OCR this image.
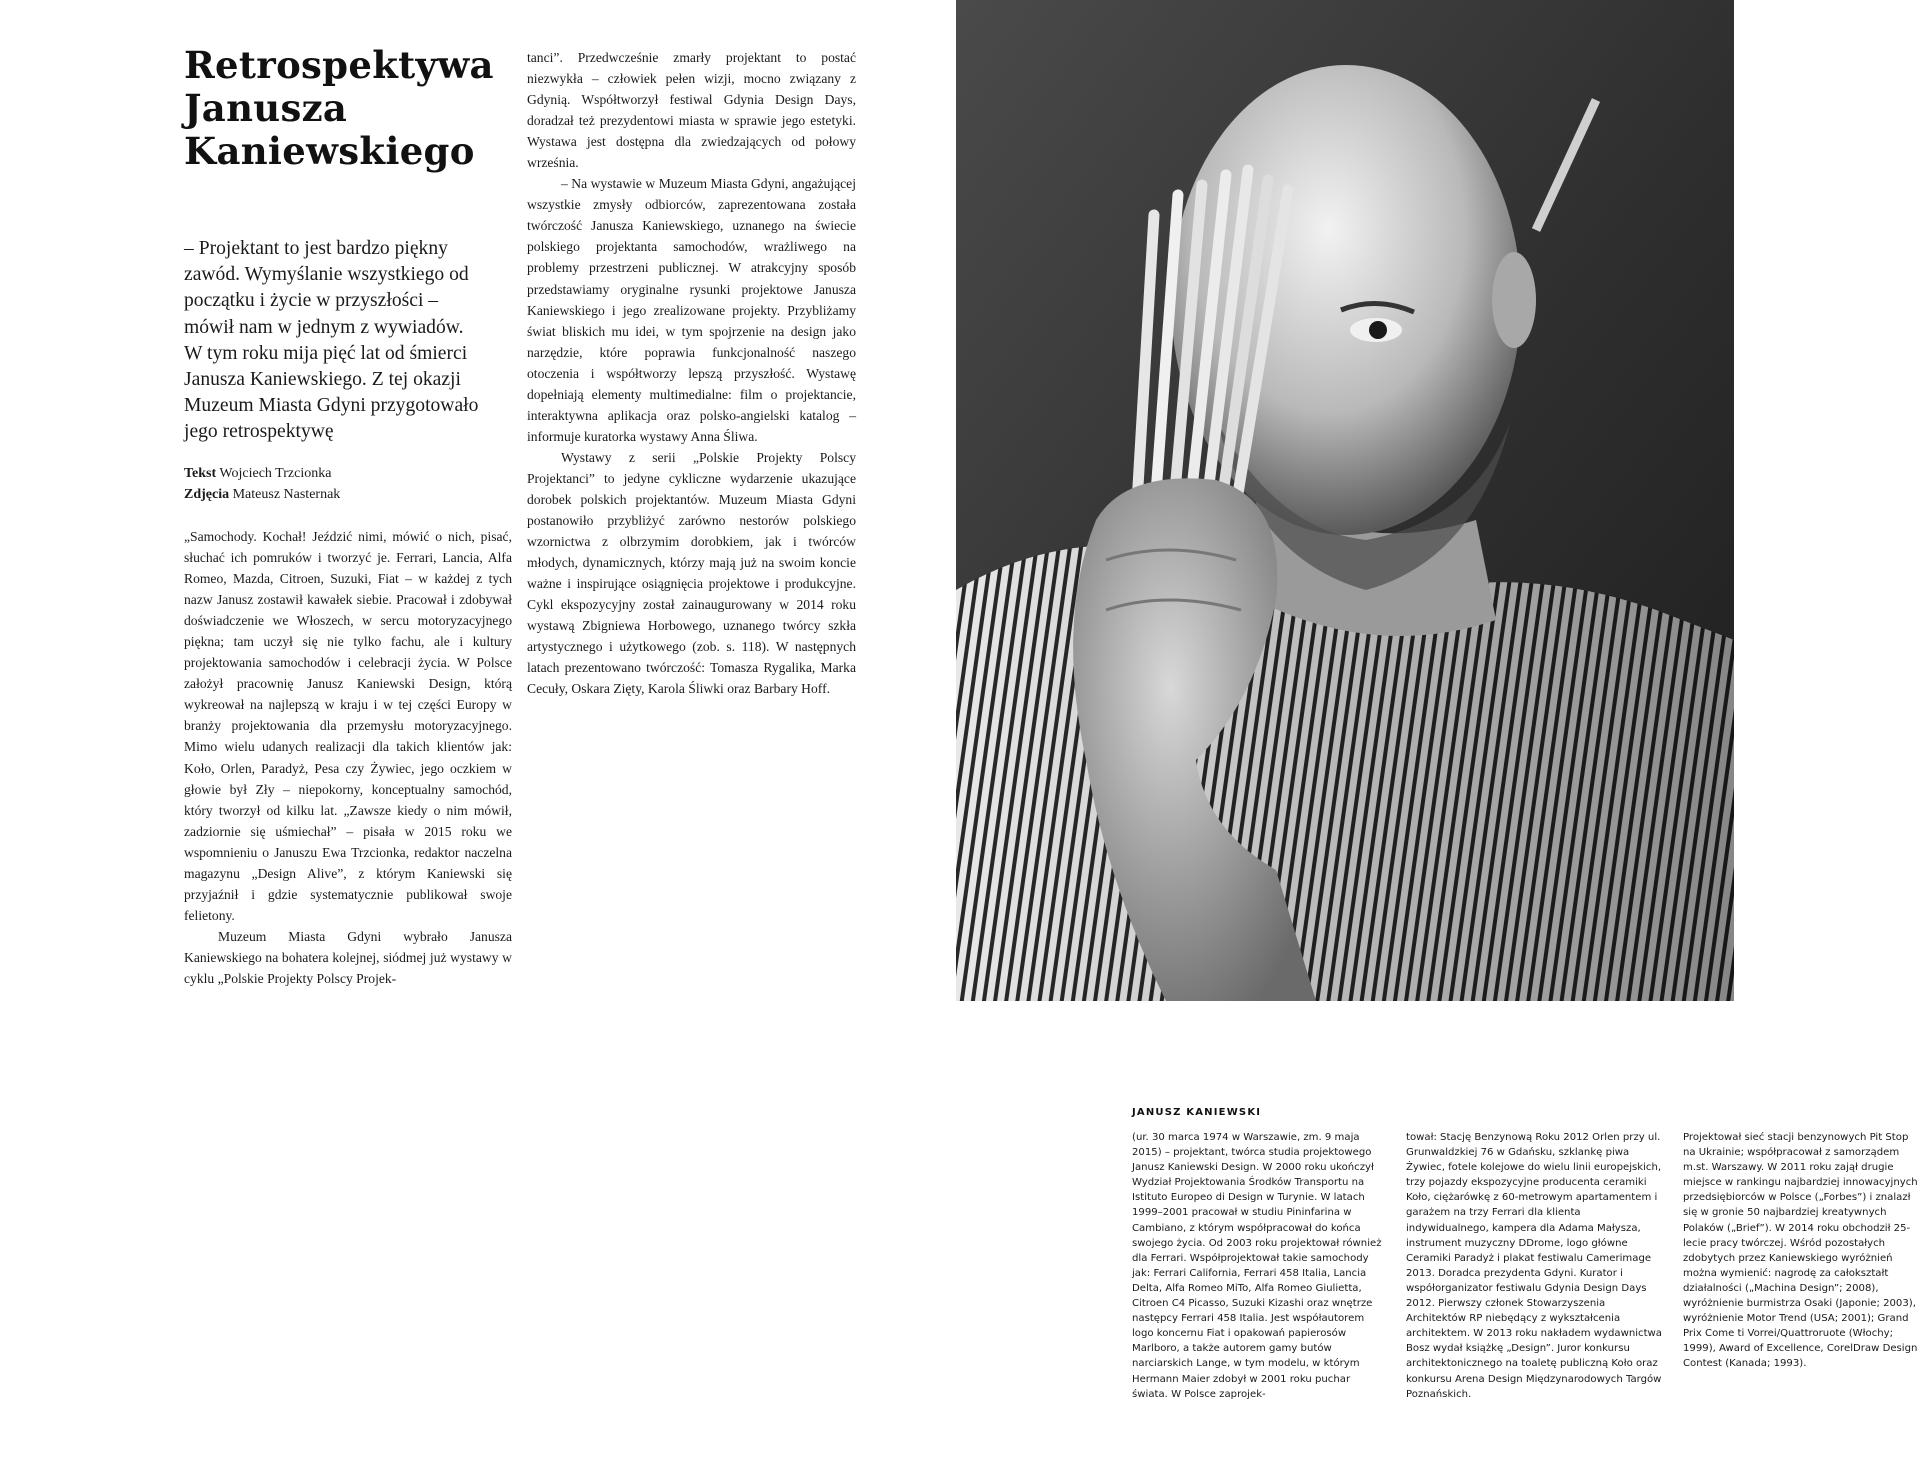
Retrospektywa
Janusza
Kaniewskiego

– Projektant to jest bardzo piękny zawód. Wymyślanie wszystkiego od początku i życie w przyszłości – mówił nam w jednym z wywiadów. W tym roku mija pięć lat od śmierci Janusza Kaniewskiego. Z tej okazji Muzeum Miasta Gdyni przygotowało jego retrospektywę

Tekst Wojciech Trzcionka
Zdjęcia Mateusz Nasternak

„Samochody. Kochał! Jeździć nimi, mówić o nich, pisać, słuchać ich pomruków i tworzyć je. Ferrari, Lancia, Alfa Romeo, Mazda, Citroen, Suzuki, Fiat – w każdej z tych nazw Janusz zostawił kawałek siebie. Pracował i zdobywał doświadczenie we Włoszech, w sercu motoryzacyjnego piękna; tam uczył się nie tylko fachu, ale i kultury projektowania samochodów i celebracji życia. W Polsce założył pracownię Janusz Kaniewski Design, którą wykreował na najlepszą w kraju i w tej części Europy w branży projektowania dla przemysłu motoryzacyjnego. Mimo wielu udanych realizacji dla takich klientów jak: Koło, Orlen, Paradyż, Pesa czy Żywiec, jego oczkiem w głowie był Zły – niepokorny, konceptualny samochód, który tworzył od kilku lat. „Zawsze kiedy o nim mówił, zadziornie się uśmiechał” – pisała w 2015 roku we wspomnieniu o Januszu Ewa Trzcionka, redaktor naczelna magazynu „Design Alive”, z którym Kaniewski się przyjaźnił i gdzie systematycznie publikował swoje felietony.

Muzeum Miasta Gdyni wybrało Janusza Kaniewskiego na bohatera kolejnej, siódmej już wystawy w cyklu „Polskie Projekty Polscy Projek-

tanci”. Przedwcześnie zmarły projektant to postać niezwykła – człowiek pełen wizji, mocno związany z Gdynią. Współtworzył festiwal Gdynia Design Days, doradzał też prezydentowi miasta w sprawie jego estetyki. Wystawa jest dostępna dla zwiedzających od połowy września.

– Na wystawie w Muzeum Miasta Gdyni, angażującej wszystkie zmysły odbiorców, zaprezentowana została twórczość Janusza Kaniewskiego, uznanego na świecie polskiego projektanta samochodów, wrażliwego na problemy przestrzeni publicznej. W atrakcyjny sposób przedstawiamy oryginalne rysunki projektowe Janusza Kaniewskiego i jego zrealizowane projekty. Przybliżamy świat bliskich mu idei, w tym spojrzenie na design jako narzędzie, które poprawia funkcjonalność naszego otoczenia i współtworzy lepszą przyszłość. Wystawę dopełniają elementy multimedialne: film o projektancie, interaktywna aplikacja oraz polsko-angielski katalog – informuje kuratorka wystawy Anna Śliwa.

Wystawy z serii „Polskie Projekty Polscy Projektanci” to jedyne cykliczne wydarzenie ukazujące dorobek polskich projektantów. Muzeum Miasta Gdyni postanowiło przybliżyć zarówno nestorów polskiego wzornictwa z olbrzymim dorobkiem, jak i twórców młodych, dynamicznych, którzy mają już na swoim koncie ważne i inspirujące osiągnięcia projektowe i produkcyjne. Cykl ekspozycyjny został zainaugurowany w 2014 roku wystawą Zbigniewa Horbowego, uznanego twórcy szkła artystycznego i użytkowego (zob. s. 118). W następnych latach prezentowano twórczość: Tomasza Rygalika, Marka Cecuły, Oskara Zięty, Karola Śliwki oraz Barbary Hoff.

JANUSZ KANIEWSKI

(ur. 30 marca 1974 w Warszawie, zm. 9 maja 2015) – projektant, twórca studia projektowego Janusz Kaniewski Design. W 2000 roku ukończył Wydział Projektowania Środków Transportu na Istituto Europeo di Design w Turynie. W latach 1999–2001 pracował w studiu Pininfarina w Cambiano, z którym współpracował do końca swojego życia. Od 2003 roku projektował również dla Ferrari. Współprojektował takie samochody jak: Ferrari California, Ferrari 458 Italia, Lancia Delta, Alfa Romeo MiTo, Alfa Romeo Giulietta, Citroen C4 Picasso, Suzuki Kizashi oraz wnętrze następcy Ferrari 458 Italia. Jest współautorem logo koncernu Fiat i opakowań papierosów Marlboro, a także autorem gamy butów narciarskich Lange, w tym modelu, w którym Hermann Maier zdobył w 2001 roku puchar świata. W Polsce zaprojek-

tował: Stację Benzynową Roku 2012 Orlen przy ul. Grunwaldzkiej 76 w Gdańsku, szklankę piwa Żywiec, fotele kolejowe do wielu linii europejskich, trzy pojazdy ekspozycyjne producenta ceramiki Koło, ciężarówkę z 60-metrowym apartamentem i garażem na trzy Ferrari dla klienta indywidualnego, kampera dla Adama Małysza, instrument muzyczny DDrome, logo główne Ceramiki Paradyż i plakat festiwalu Camerimage 2013. Doradca prezydenta Gdyni. Kurator i współorganizator festiwalu Gdynia Design Days 2012. Pierwszy członek Stowarzyszenia Architektów RP niebędący z wykształcenia architektem. W 2013 roku nakładem wydawnictwa Bosz wydał książkę „Design”. Juror konkursu architektonicznego na toaletę publiczną Koło oraz konkursu Arena Design Międzynarodowych Targów Poznańskich.

Projektował sieć stacji benzynowych Pit Stop na Ukrainie; współpracował z samorządem m.st. Warszawy. W 2011 roku zajął drugie miejsce w rankingu najbardziej innowacyjnych przedsiębiorców w Polsce („Forbes”) i znalazł się w gronie 50 najbardziej kreatywnych Polaków („Brief”). W 2014 roku obchodził 25-lecie pracy twórczej. Wśród pozostałych zdobytych przez Kaniewskiego wyróżnień można wymienić: nagrodę za całokształt działalności („Machina Design”; 2008), wyróżnienie burmistrza Osaki (Japonie; 2003), wyróżnienie Motor Trend (USA; 2001); Grand Prix Come ti Vorrei/Quattroruote (Włochy; 1999), Award of Excellence, CorelDraw Design Contest (Kanada; 1993).
